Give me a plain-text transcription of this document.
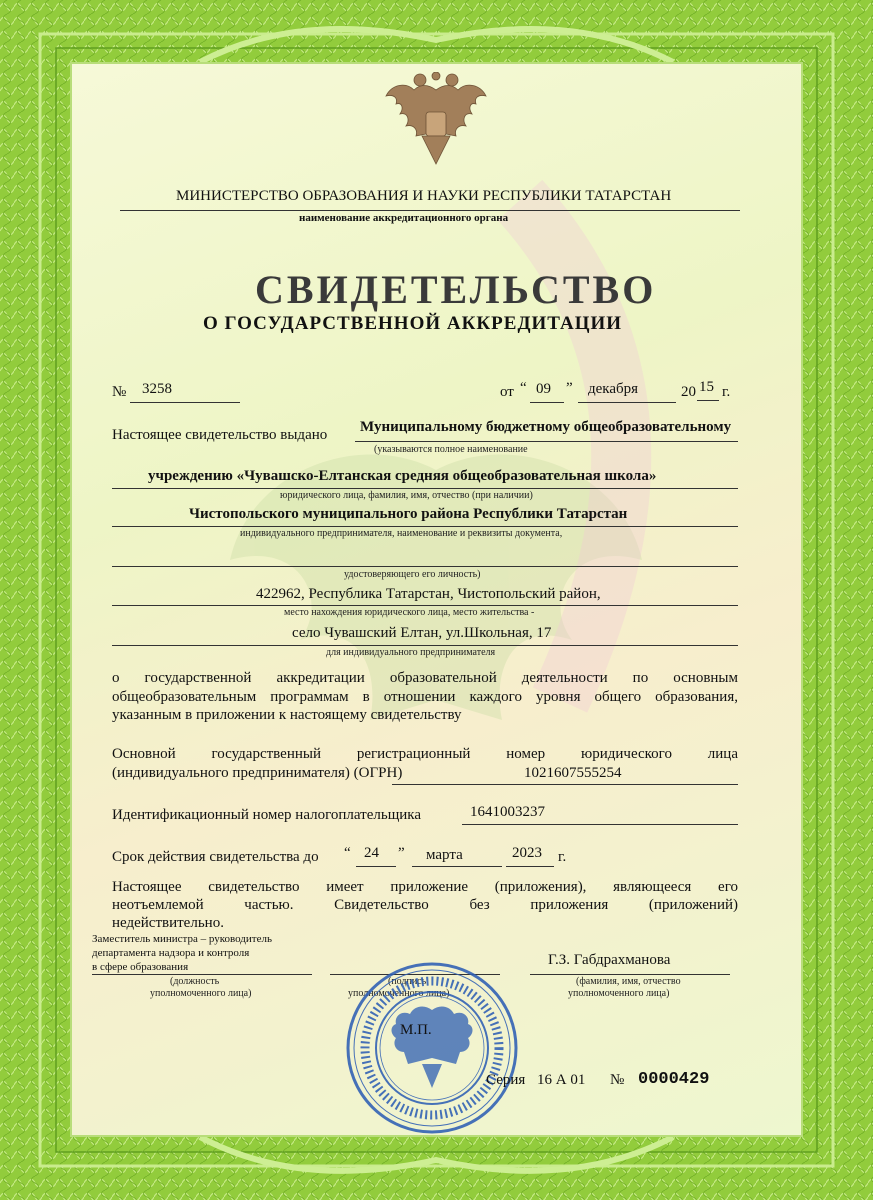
МИНИСТЕРСТВО ОБРАЗОВАНИЯ И НАУКИ РЕСПУБЛИКИ ТАТАРСТАН
наименование аккредитационного органа
СВИДЕТЕЛЬСТВО
О ГОСУДАРСТВЕННОЙ АККРЕДИТАЦИИ
№ 3258	от “ 09 ” декабря	20 15 г.
Настоящее свидетельство выдано Муниципальному бюджетному общеобразовательному
(указываются полное наименование
учреждению «Чувашско-Елтанская средняя общеобразовательная школа»
юридического лица, фамилия, имя, отчество (при наличии)
Чистопольского муниципального района Республики Татарстан
индивидуального предпринимателя, наименование и реквизиты документа,
удостоверяющего его личность)
422962, Республика Татарстан, Чистопольский район,
место нахождения юридического лица, место жительства -
село Чувашский Елтан, ул.Школьная, 17
для индивидуального предпринимателя
о государственной аккредитации образовательной деятельности по основным
общеобразовательным программам в отношении каждого уровня общего образования,
указанным в приложении к настоящему свидетельству
Основной государственный регистрационный номер юридического лица
(индивидуального предпринимателя) (ОГРН)	1021607555254
Идентификационный номер налогоплательщика	1641003237
Срок действия свидетельства до “ 24 ” марта	2023 г.
Настоящее свидетельство имеет приложение (приложения), являющееся его
неотъемлемой частью. Свидетельство без приложения (приложений)
недействительно.
Заместитель министра – руководитель
департамента надзора и контроля
в сфере образования
(должность
уполномоченного лица)
(подпись
уполномоченного лица)
Г.З. Габдрахманова
(фамилия, имя, отчество
уполномоченного лица)
М.П.
Серия 16 А 01 № 0000429
